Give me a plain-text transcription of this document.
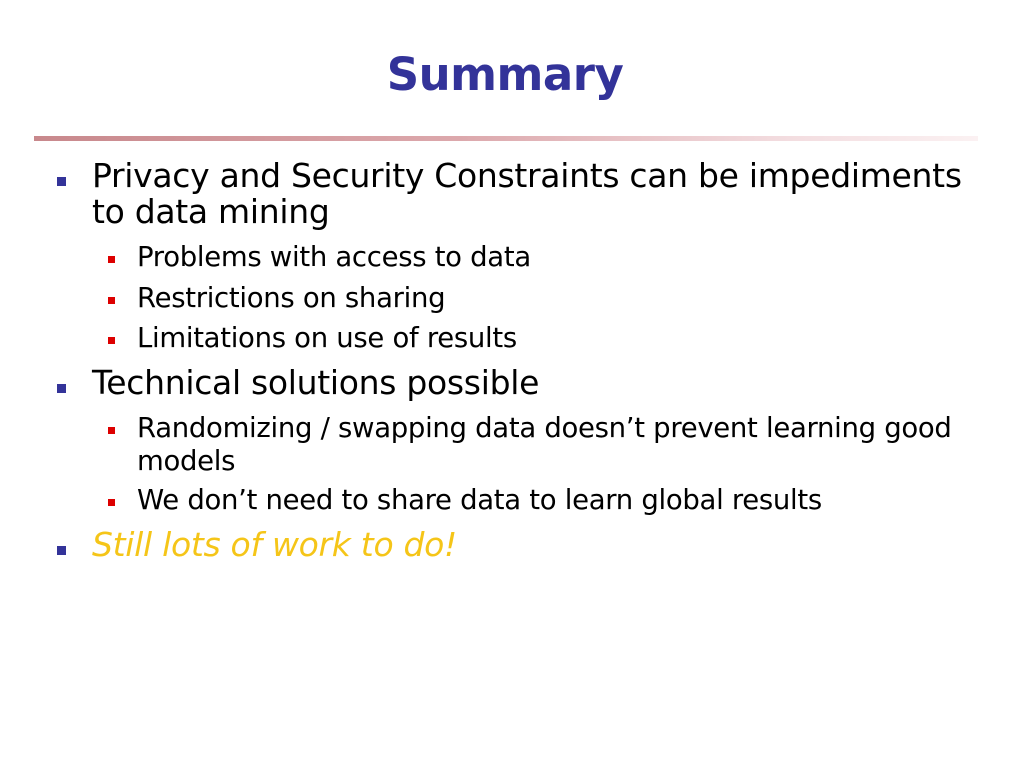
Summary
Privacy and Security Constraints can be impediments to data mining
Problems with access to data
Restrictions on sharing
Limitations on use of results
Technical solutions possible
Randomizing / swapping data doesn’t prevent learning good models
We don’t need to share data to learn global results
Still lots of work to do!
